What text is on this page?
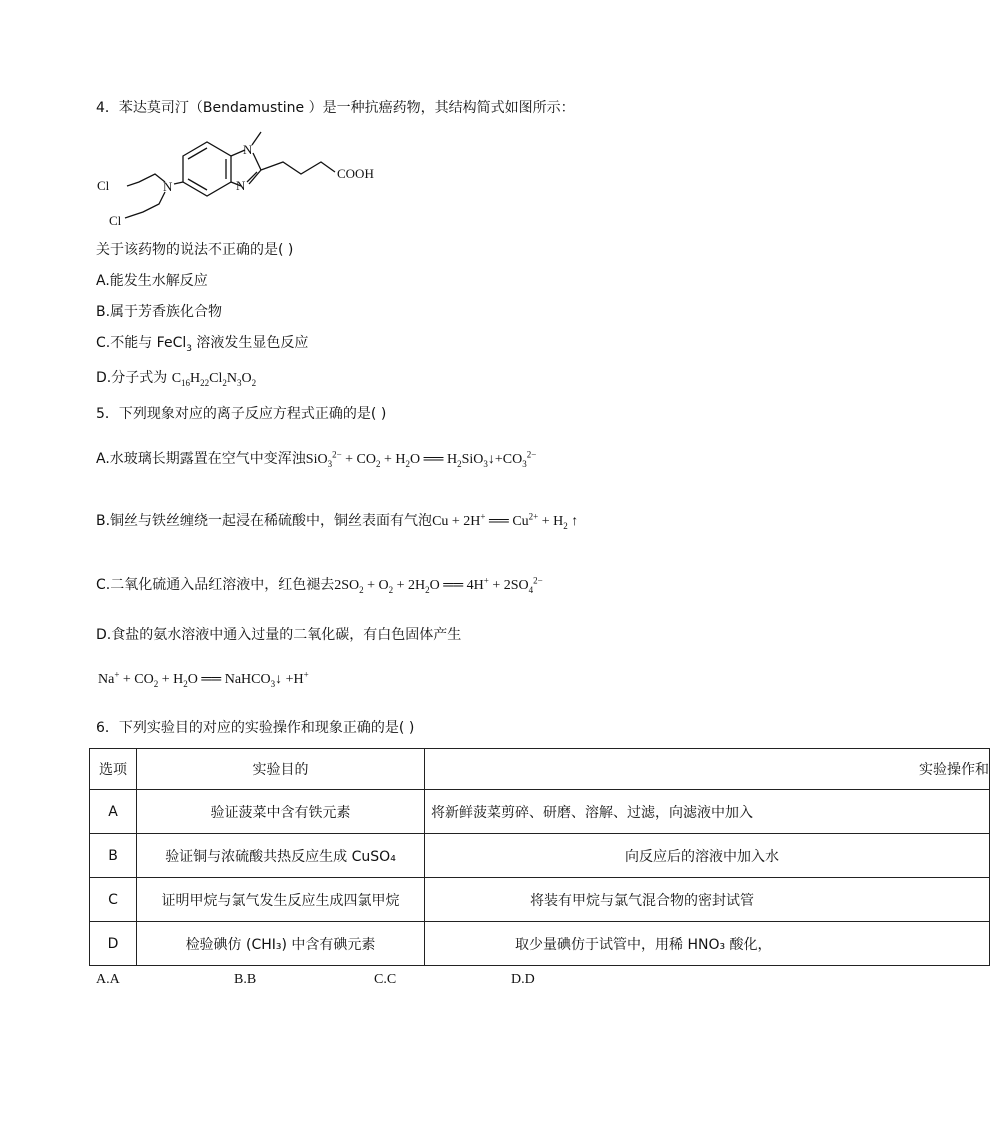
4．苯达莫司汀（Bendamustine ）是一种抗癌药物，其结构简式如图所示：
N
N
N
Cl
Cl
COOH
关于该药物的说法不正确的是( )
A.能发生水解反应
B.属于芳香族化合物
C.不能与 FeCl$_3$ 溶液发生显色反应
D.分子式为 $C_{16}H_{22}Cl_2N_3O_2$
5．下列现象对应的离子反应方程式正确的是( )
A.水玻璃长期露置在空气中变浑浊$SiO_3^{2-} + CO_2 + H_2O$ ══ $H_2SiO_3↓+CO_3^{2-}$
B.铜丝与铁丝缠绕一起浸在稀硫酸中，铜丝表面有气泡Cu + 2H+ ══ $Cu^{2+} + H_2$ ↑
C.二氧化硫通入品红溶液中，红色褪去$2SO_2 + O_2 + 2H_2O$ ══ $4H^+ + 2SO_4^{2-}$
D.食盐的氨水溶液中通入过量的二氧化碳，有白色固体产生
$Na^+ + CO_2 + H_2O$ ══ NaHCO$_3$↓ +H+
6．下列实验目的对应的实验操作和现象正确的是( )
选项	实验目的	实验操作和
A	验证菠菜中含有铁元素	将新鲜菠菜剪碎、研磨、溶解、过滤，向滤液中加入
B	验证铜与浓硫酸共热反应生成 CuSO₄	向反应后的溶液中加入水
C	证明甲烷与氯气发生反应生成四氯甲烷	将装有甲烷与氯气混合物的密封试管
D	检验碘仿 (CHI₃) 中含有碘元素	取少量碘仿于试管中，用稀 HNO₃ 酸化，
A.A	B.B	C.C	D.D
